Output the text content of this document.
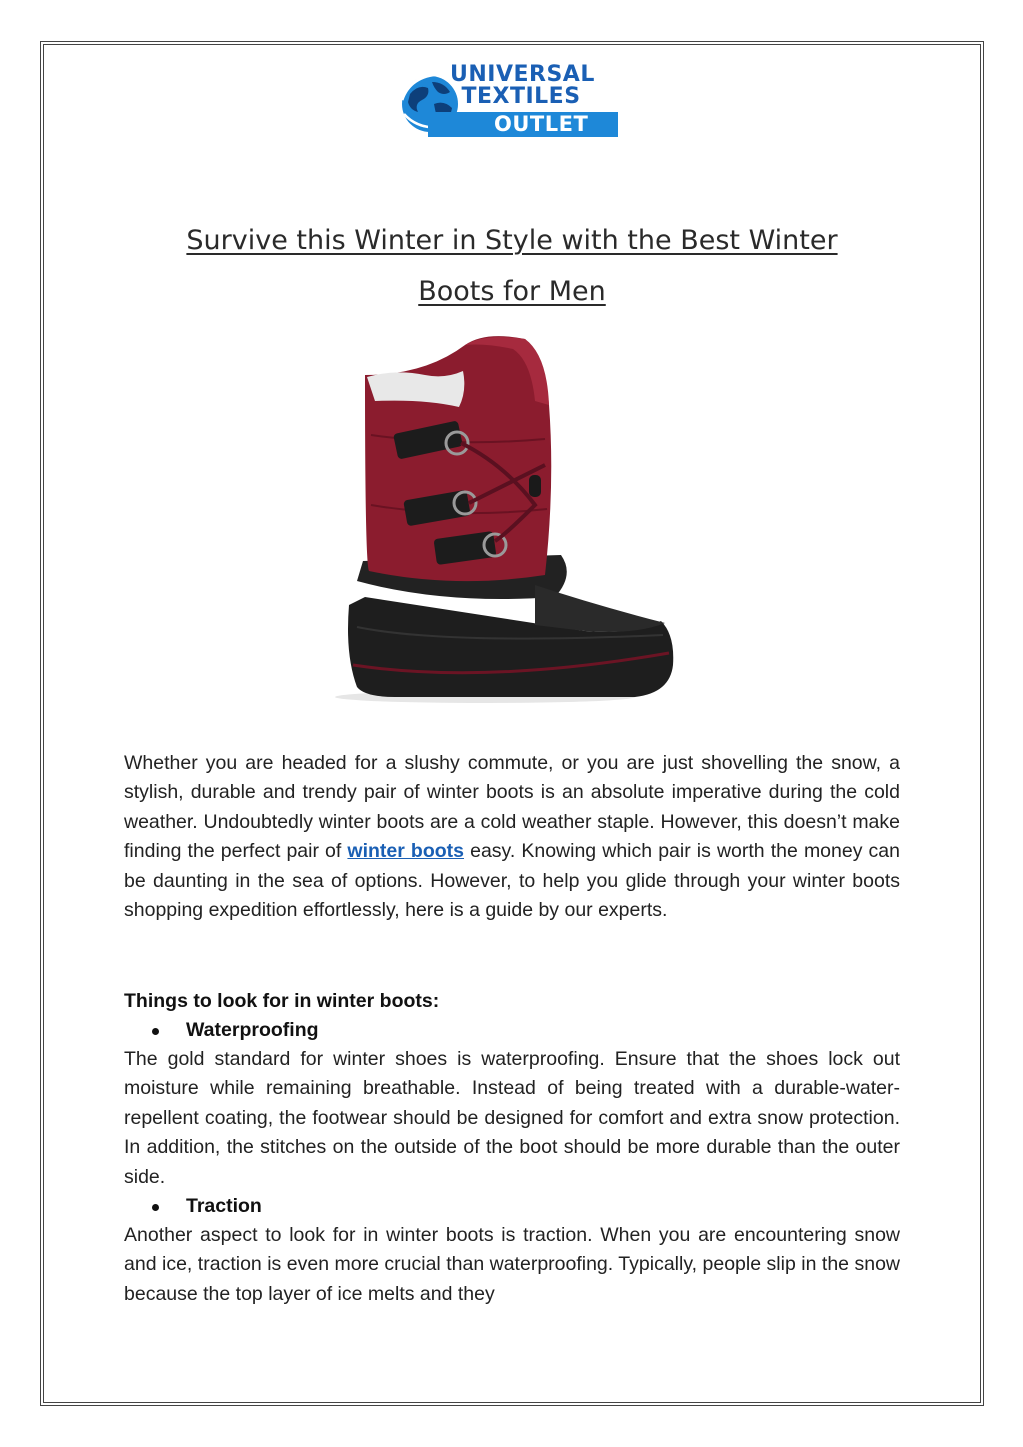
UNIVERSAL
TEXTILES
OUTLET
Survive this Winter in Style with the Best Winter
Boots for Men

Whether you are headed for a slushy commute, or you are just shovelling the snow, a stylish, durable and trendy pair of winter boots is an absolute imperative during the cold weather. Undoubtedly winter boots are a cold weather staple. However, this doesn’t make finding the perfect pair of winter boots easy. Knowing which pair is worth the money can be daunting in the sea of options. However, to help you glide through your winter boots shopping expedition effortlessly, here is a guide by our experts.

Things to look for in winter boots:
Waterproofing

The gold standard for winter shoes is waterproofing. Ensure that the shoes lock out moisture while remaining breathable. Instead of being treated with a durable-water-repellent coating, the footwear should be designed for comfort and extra snow protection. In addition, the stitches on the outside of the boot should be more durable than the outer side.

Traction

Another aspect to look for in winter boots is traction. When you are encountering snow and ice, traction is even more crucial than waterproofing. Typically, people slip in the snow because the top layer of ice melts and they
